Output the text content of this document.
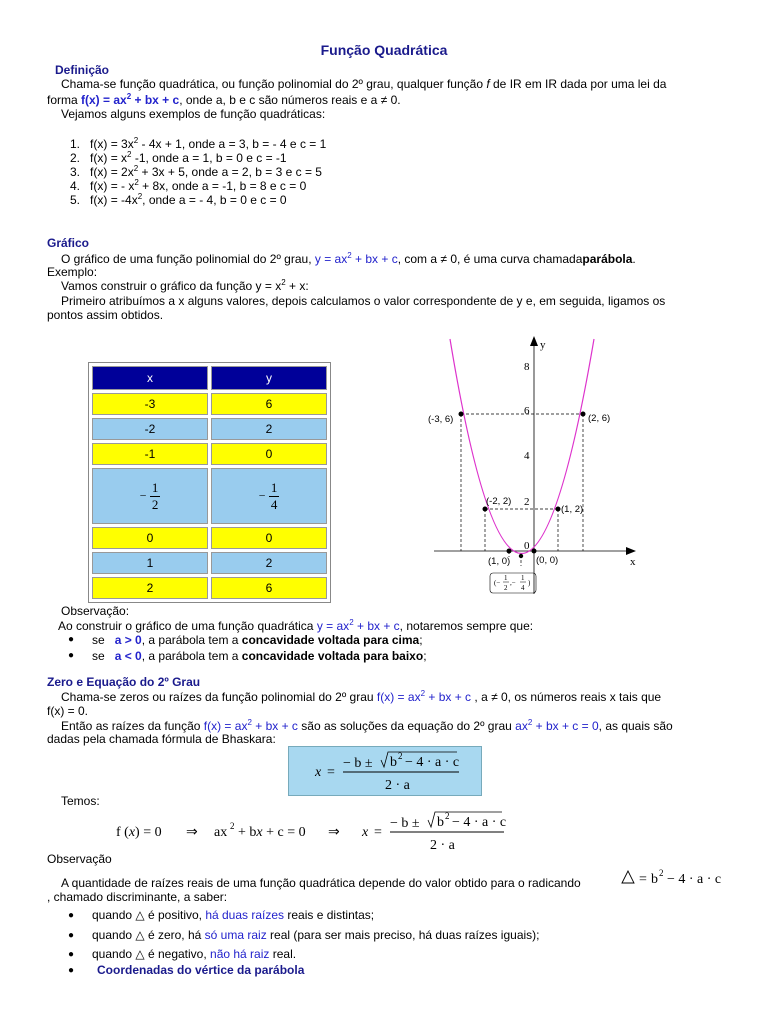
Função Quadrática
Definição
Chama-se função quadrática, ou função polinomial do 2º grau, qualquer função f de IR em IR dada por uma lei da
forma $f(x) = ax^2$ + bx + c, onde a, b e c são números reais e a ≠ 0.
Vejamos alguns exemplos de função quadráticas:
1. $f(x) = 3x^2 - 4x + 1$, onde a = 3, b = - 4 e c = 1
2. $f(x) = x^2$ -1, onde a = 1, b = 0 e c = -1
3. $f(x) = 2x^2 + 3x + 5$, onde a = 2, b = 3 e c = 5
4. f(x) = - $x^2 + 8x$, onde a = -1, b = 8 e c = 0
5. $f(x) = -4x^2$, onde a = - 4, b = 0 e c = 0
Gráfico
O gráfico de uma função polinomial do 2º grau, $y = ax^2$ + bx + c, com a ≠ 0, é uma curva chamadaparábola.
Exemplo:
Vamos construir o gráfico da função $y = x^2 + x$:
Primeiro atribuímos a x alguns valores, depois calculamos o valor correspondente de y e, em seguida, ligamos os
pontos assim obtidos.
x	y
-3	6
-2	2
-1	0
− $\frac{1}{2}$	− $\frac{1}{4}$

0	0
1	2
2	6
y
x
8
6
4
2
0
(-3, 6)	(2, 6)
(-2, 2)
(1, 2)
(1, 0)	(0, 0)
(−
1
2
,−
1
4
)
Observação:
Ao construir o gráfico de uma função quadrática $y = ax^2$ + bx + c, notaremos sempre que:
● se   a > 0, a parábola tem a concavidade voltada para cima;
● se   a < 0, a parábola tem a concavidade voltada para baixo;
Zero e Equação do 2º Grau
Chama-se zeros ou raízes da função polinomial do 2º grau $f(x) = ax^2$ + bx + c , a ≠ 0, os números reais x tais que
f(x) = 0.
Então as raízes da função $f(x) = ax^2$ + bx + c são as soluções da equação do 2º grau $ax^2$ + bx + c = 0, as quais são
dadas pela chamada fórmula de Bhaskara:
x =
− b ± b 2 − 4 · a · c
2 · a
Temos:
f (x) = 0 ⇒ ax 2 + bx + c = 0 ⇒ x =
− b ± b 2 − 4 · a · c
2 · a
Observação
A quantidade de raízes reais de uma função quadrática depende do valor obtido para o radicando	= b 2 − 4 · a · c
, chamado discriminante, a saber:
● quando △ é positivo, há duas raízes reais e distintas;
● quando △ é zero, há só uma raiz real (para ser mais preciso, há duas raízes iguais);
● quando △ é negativo, não há raiz real.
● Coordenadas do vértice da parábola
